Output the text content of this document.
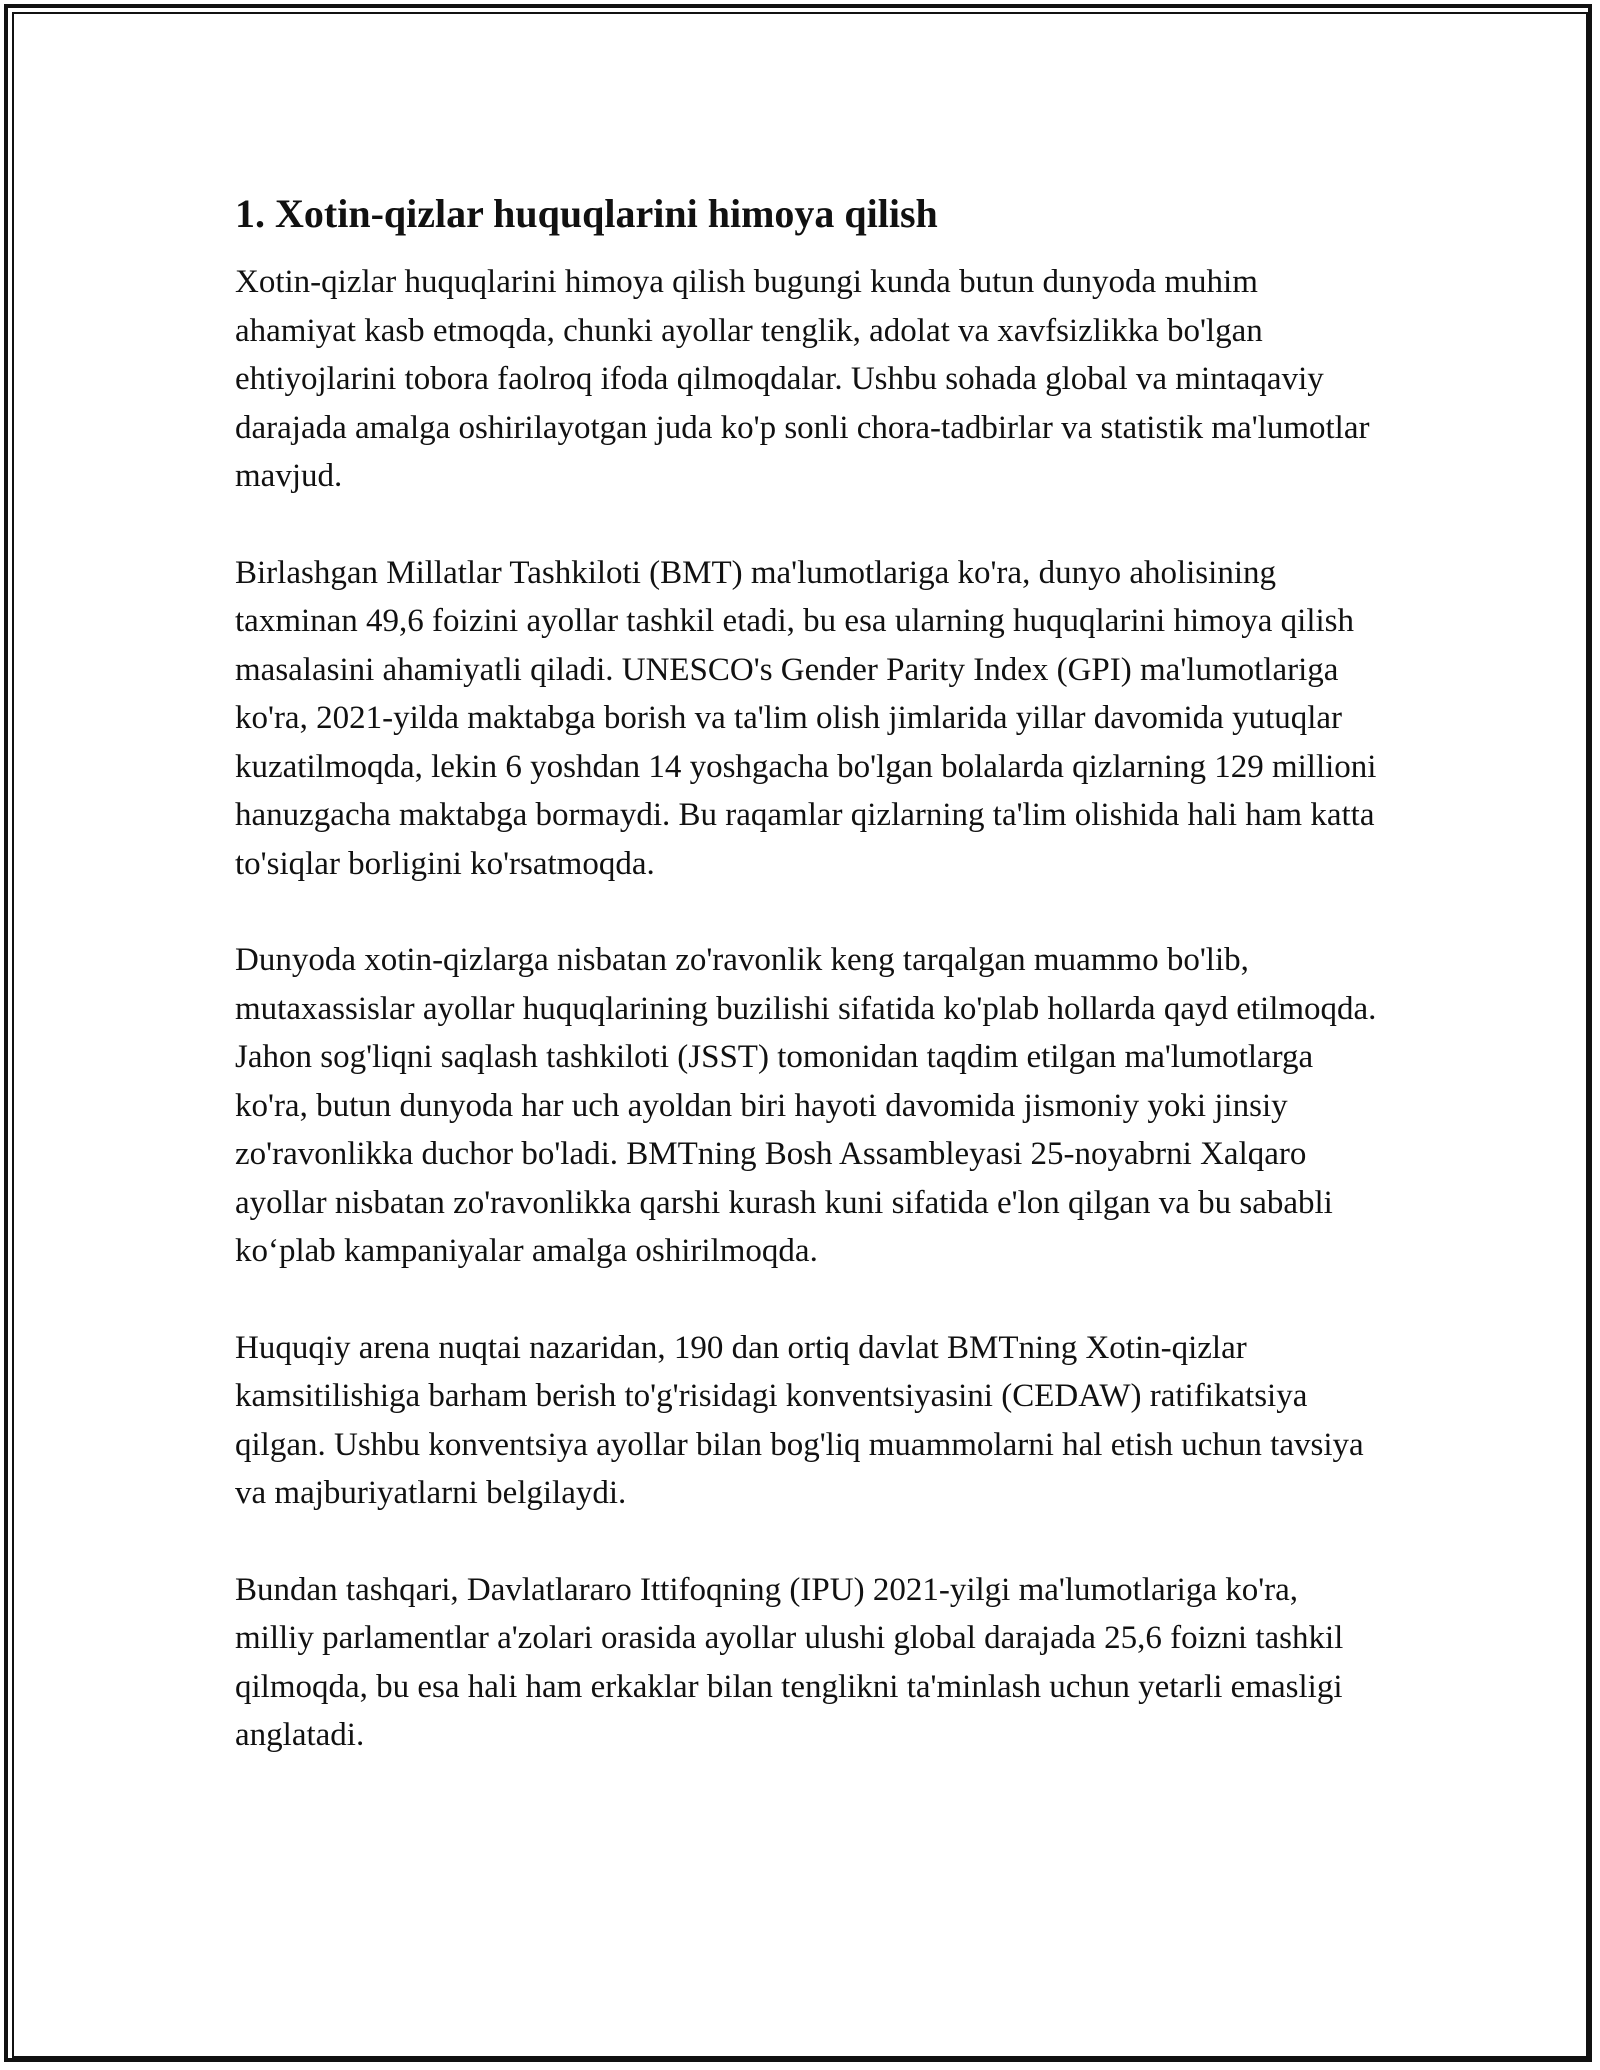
1. Xotin-qizlar huquqlarini himoya qilish

Xotin-qizlar huquqlarini himoya qilish bugungi kunda butun dunyoda muhim ahamiyat kasb etmoqda, chunki ayollar tenglik, adolat va xavfsizlikka bo'lgan ehtiyojlarini tobora faolroq ifoda qilmoqdalar. Ushbu sohada global va mintaqaviy darajada amalga oshirilayotgan juda ko'p sonli chora-tadbirlar va statistik ma'lumotlar mavjud.

Birlashgan Millatlar Tashkiloti (BMT) ma'lumotlariga ko'ra, dunyo aholisining taxminan 49,6 foizini ayollar tashkil etadi, bu esa ularning huquqlarini himoya qilish masalasini ahamiyatli qiladi. UNESCO's Gender Parity Index (GPI) ma'lumotlariga ko'ra, 2021-yilda maktabga borish va ta'lim olish jimlarida yillar davomida yutuqlar kuzatilmoqda, lekin 6 yoshdan 14 yoshgacha bo'lgan bolalarda qizlarning 129 millioni hanuzgacha maktabga bormaydi. Bu raqamlar qizlarning ta'lim olishida hali ham katta to'siqlar borligini ko'rsatmoqda.

Dunyoda xotin-qizlarga nisbatan zo'ravonlik keng tarqalgan muammo bo'lib, mutaxassislar ayollar huquqlarining buzilishi sifatida ko'plab hollarda qayd etilmoqda. Jahon sog'liqni saqlash tashkiloti (JSST) tomonidan taqdim etilgan ma'lumotlarga ko'ra, butun dunyoda har uch ayoldan biri hayoti davomida jismoniy yoki jinsiy zo'ravonlikka duchor bo'ladi. BMTning Bosh Assambleyasi 25-noyabrni Xalqaro ayollar nisbatan zo'ravonlikka qarshi kurash kuni sifatida e'lon qilgan va bu sababli ko‘plab kampaniyalar amalga oshirilmoqda.

Huquqiy arena nuqtai nazaridan, 190 dan ortiq davlat BMTning Xotin-qizlar kamsitilishiga barham berish to'g'risidagi konventsiyasini (CEDAW) ratifikatsiya qilgan. Ushbu konventsiya ayollar bilan bog'liq muammolarni hal etish uchun tavsiya va majburiyatlarni belgilaydi.

Bundan tashqari, Davlatlararo Ittifoqning (IPU) 2021-yilgi ma'lumotlariga ko'ra, milliy parlamentlar a'zolari orasida ayollar ulushi global darajada 25,6 foizni tashkil qilmoqda, bu esa hali ham erkaklar bilan tenglikni ta'minlash uchun yetarli emasligi anglatadi.
